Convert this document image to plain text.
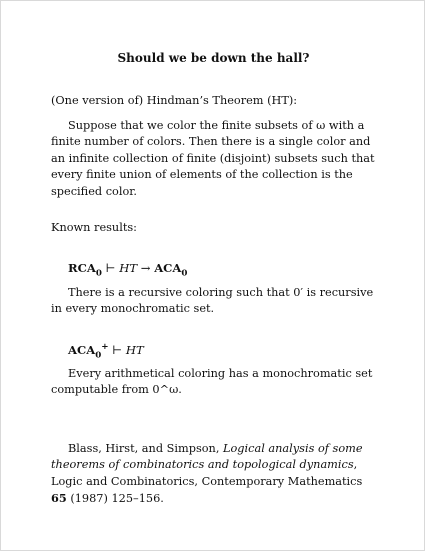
Should we be down the hall?

(One version of) Hindman’s Theorem (HT):

Suppose that we color the finite subsets of ω with a finite number of colors. Then there is a single color and an infinite collection of finite (disjoint) subsets such that every finite union of elements of the collection is the specified color.

Known results:

$RCA_0$ ⊢ HT → $ACA_0$

There is a recursive coloring such that 0′ is recursive in every monochromatic set.

$ACA_0^+$ ⊢ HT

Every arithmetical coloring has a monochromatic set computable from 0^ω.

Blass, Hirst, and Simpson, Logical analysis of some theorems of combinatorics and topological dynamics, Logic and Combinatorics, Contemporary Mathematics 65 (1987) 125–156.
